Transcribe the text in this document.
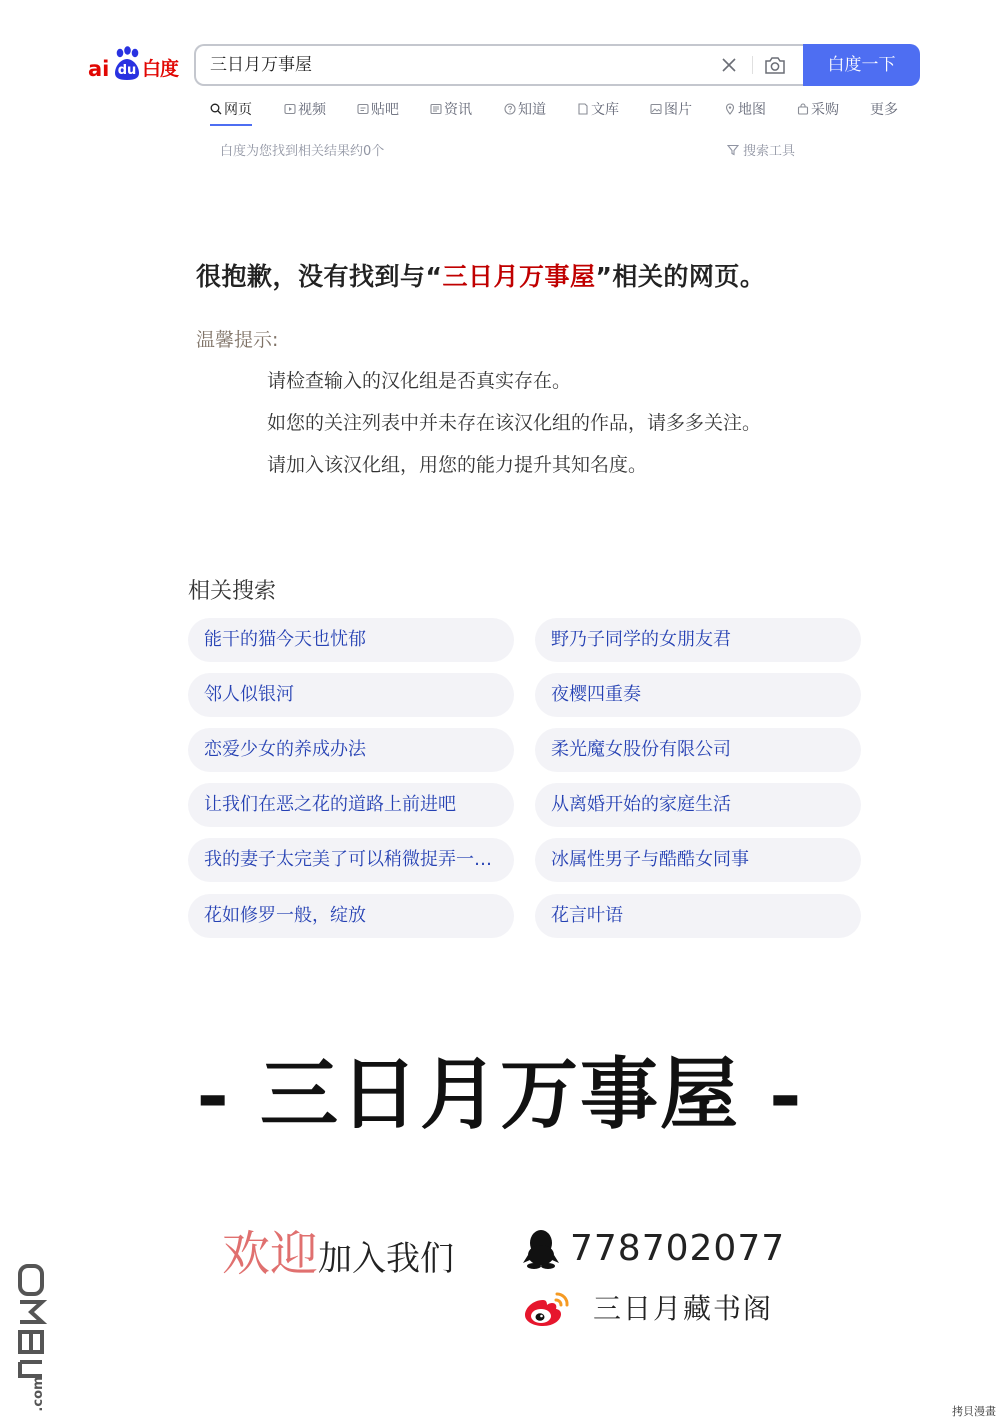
ai du 白度
三日月万事屋	白度一下
网页	视频	贴吧	资讯	知道	文库	图片	地图	采购 更多
白度为您找到相关结果约0个	搜索工具
很抱歉，没有找到与“三日月万事屋”相关的网页。
温馨提示:
请检查输入的汉化组是否真实存在。
如您的关注列表中并未存在该汉化组的作品，请多多关注。
请加入该汉化组，用您的能力提升其知名度。
相关搜索
能干的猫今天也忧郁	野乃子同学的女朋友君
邻人似银河	夜樱四重奏
恋爱少女的养成办法	柔光魔女股份有限公司
让我们在恶之花的道路上前进吧	从离婚开始的家庭生活
我的妻子太完美了可以稍微捉弄一…	冰属性男子与酷酷女同事
花如修罗一般，绽放	花言叶语
- 三日月万事屋 -
欢迎加入我们	778702077
三日月藏书阁
.com	拷貝漫畫
